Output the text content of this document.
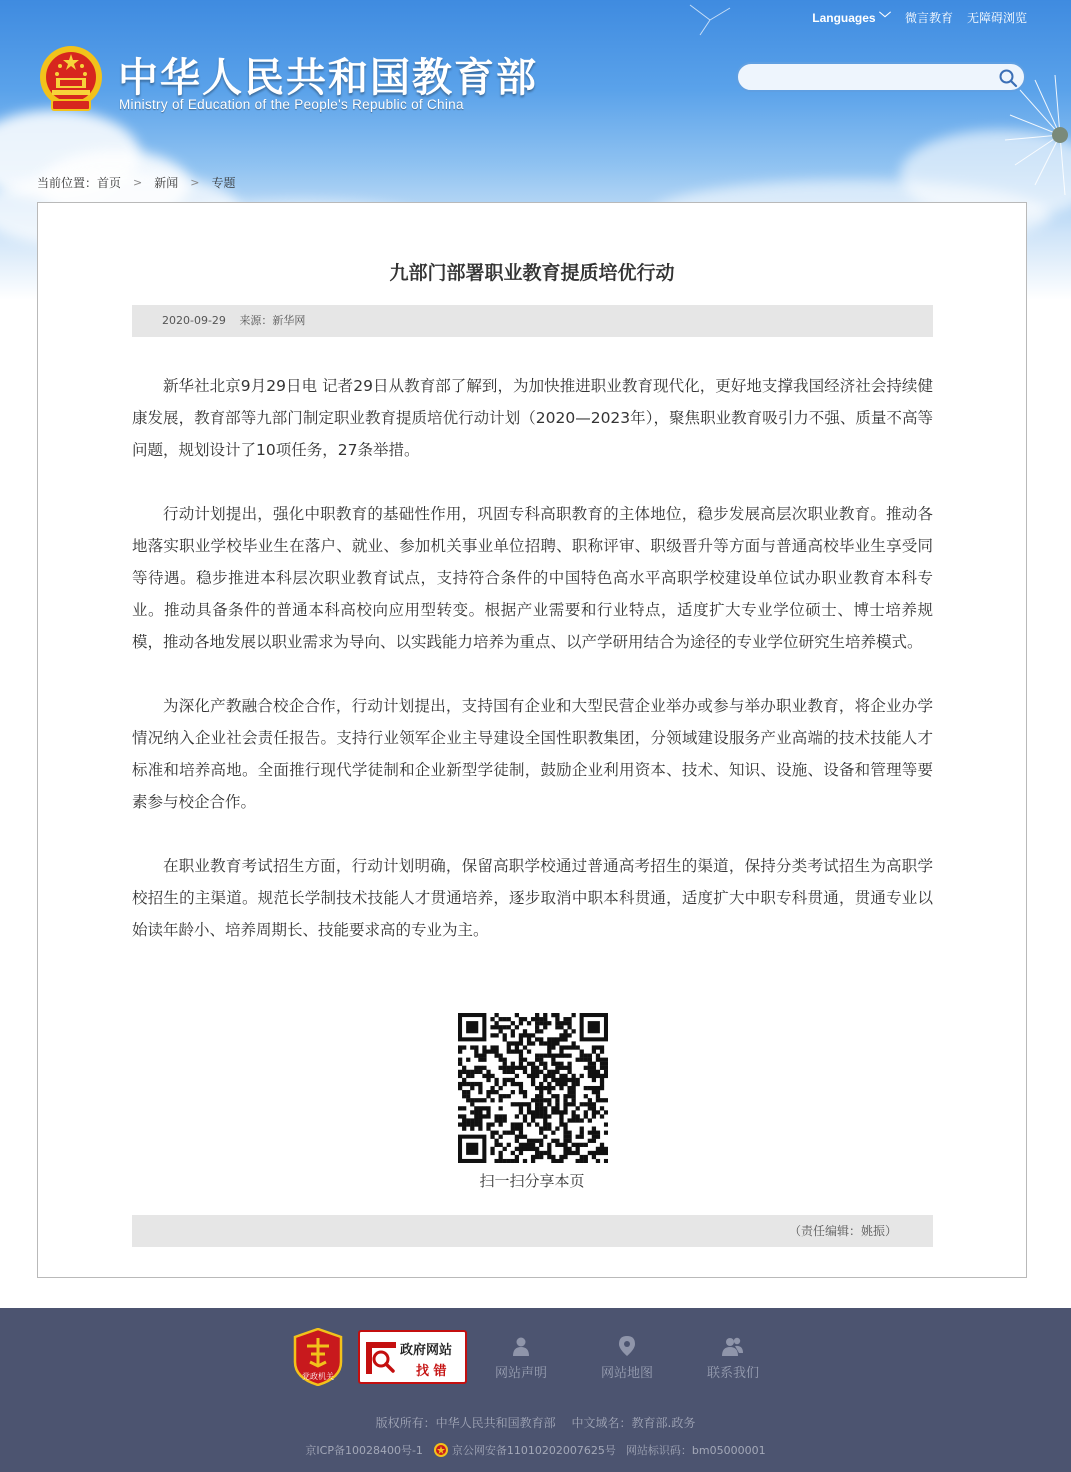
中华人民共和国教育部
Ministry of Education of the People's Republic of China
Languages ﹀ 微言教育 无障碍浏览
当前位置： 首页 > 新闻 > 专题
九部门部署职业教育提质培优行动
2020-09-29 来源：新华网

新华社北京9月29日电 记者29日从教育部了解到，为加快推进职业教育现代化，更好地支撑我国经济社会持续健康发展，教育部等九部门制定职业教育提质培优行动计划（2020—2023年），聚焦职业教育吸引力不强、质量不高等问题，规划设计了10项任务，27条举措。

行动计划提出，强化中职教育的基础性作用，巩固专科高职教育的主体地位，稳步发展高层次职业教育。推动各地落实职业学校毕业生在落户、就业、参加机关事业单位招聘、职称评审、职级晋升等方面与普通高校毕业生享受同等待遇。稳步推进本科层次职业教育试点，支持符合条件的中国特色高水平高职学校建设单位试办职业教育本科专业。推动具备条件的普通本科高校向应用型转变。根据产业需要和行业特点，适度扩大专业学位硕士、博士培养规模，推动各地发展以职业需求为导向、以实践能力培养为重点、以产学研用结合为途径的专业学位研究生培养模式。

为深化产教融合校企合作，行动计划提出，支持国有企业和大型民营企业举办或参与举办职业教育，将企业办学情况纳入企业社会责任报告。支持行业领军企业主导建设全国性职教集团，分领域建设服务产业高端的技术技能人才标准和培养高地。全面推行现代学徒制和企业新型学徒制，鼓励企业利用资本、技术、知识、设施、设备和管理等要素参与校企合作。

在职业教育考试招生方面，行动计划明确，保留高职学校通过普通高考招生的渠道，保持分类考试招生为高职学校招生的主渠道。规范长学制技术技能人才贯通培养，逐步取消中职本科贯通，适度扩大中职专科贯通，贯通专业以始读年龄小、培养周期长、技能要求高的专业为主。

扫一扫分享本页
（责任编辑：姚振）
党政机关
政府网站
找 错	网站声明	网站地图	联系我们
版权所有：中华人民共和国教育部 中文域名：教育部.政务
京ICP备10028400号-1	京公网安备11010202007625号 网站标识码：bm05000001
